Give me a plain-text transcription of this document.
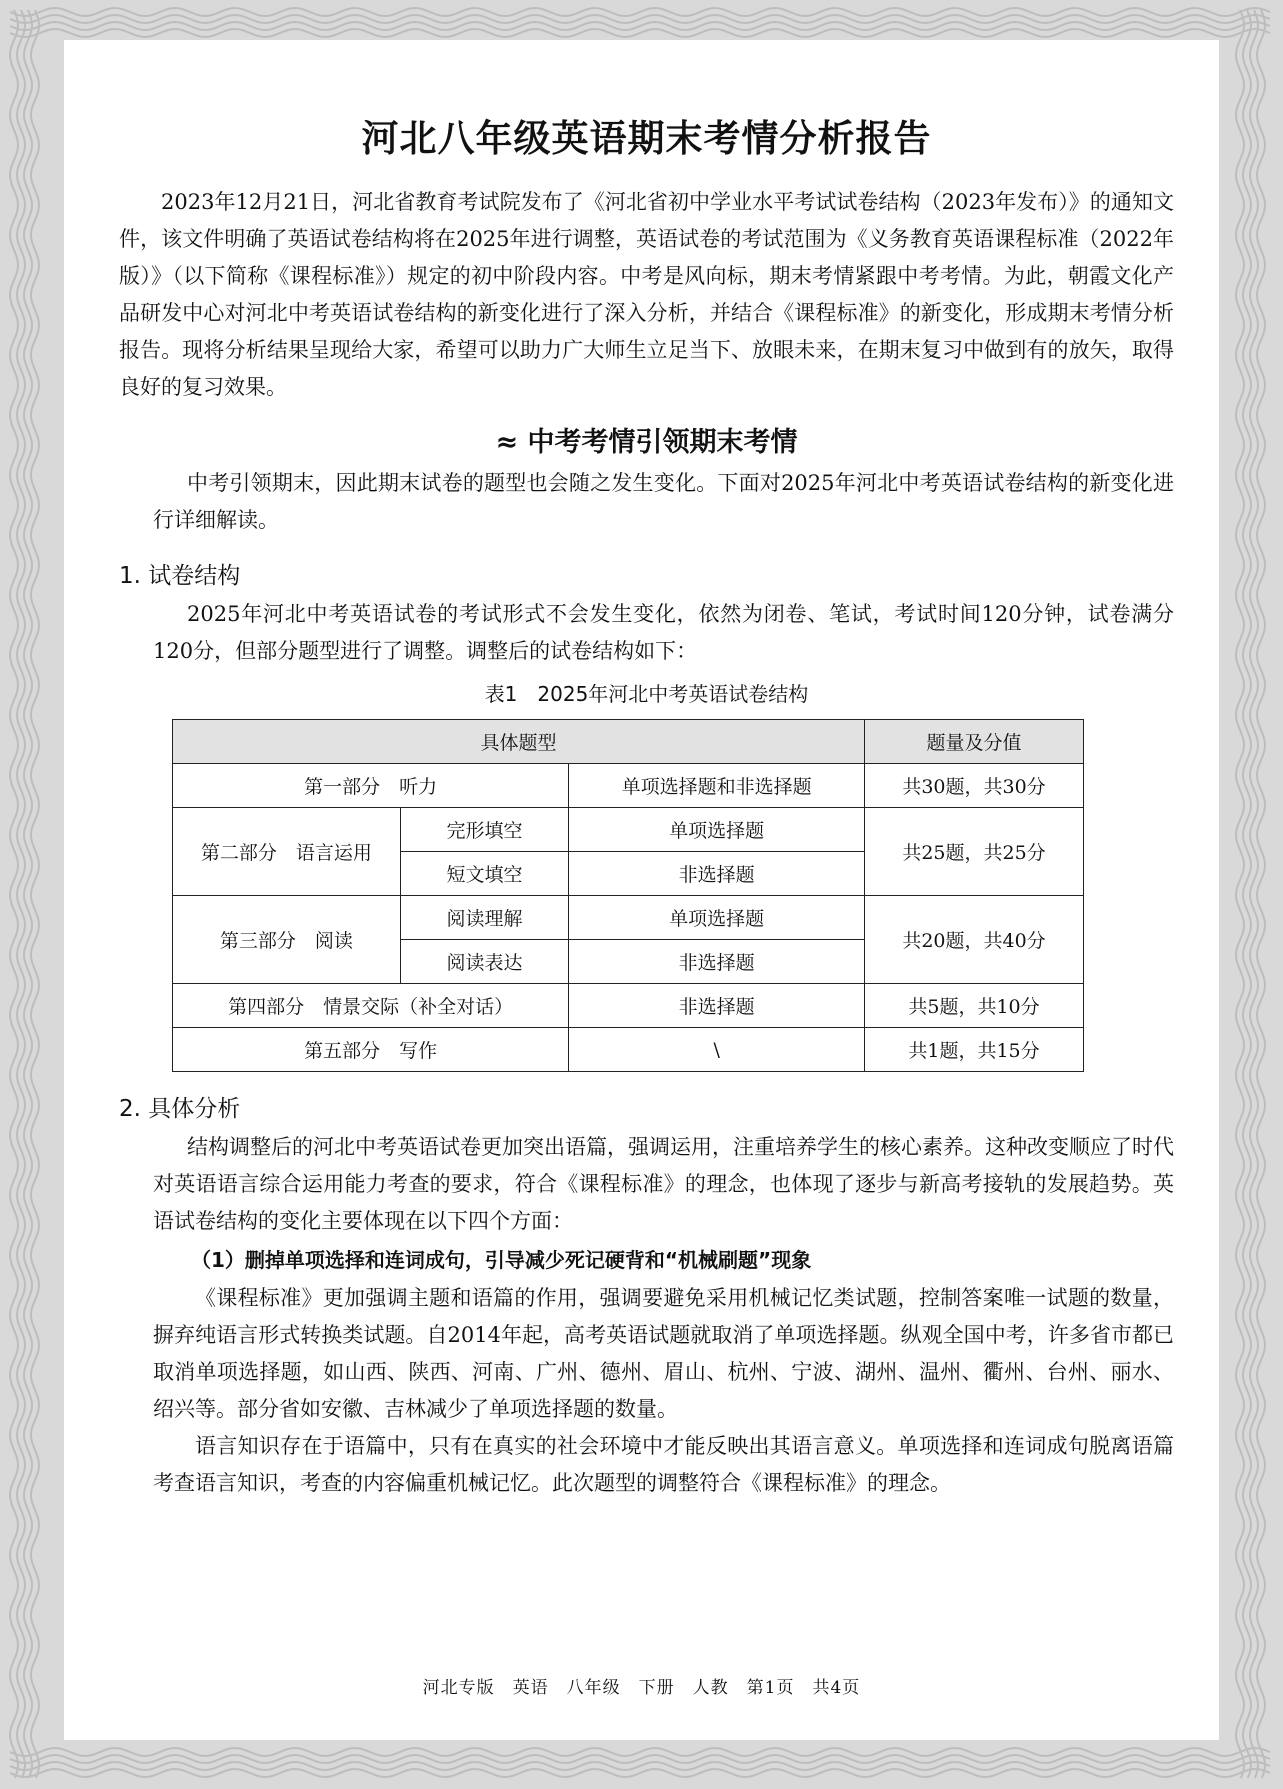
河北八年级英语期末考情分析报告

2023年12月21日，河北省教育考试院发布了《河北省初中学业水平考试试卷结构（2023年发布）》的通知文件，该文件明确了英语试卷结构将在2025年进行调整，英语试卷的考试范围为《义务教育英语课程标准（2022年版）》（以下简称《课程标准》）规定的初中阶段内容。中考是风向标，期末考情紧跟中考考情。为此，朝霞文化产品研发中心对河北中考英语试卷结构的新变化进行了深入分析，并结合《课程标准》的新变化，形成期末考情分析报告。现将分析结果呈现给大家，希望可以助力广大师生立足当下、放眼未来，在期末复习中做到有的放矢，取得良好的复习效果。

≈ 中考考情引领期末考情

中考引领期末，因此期末试卷的题型也会随之发生变化。下面对2025年河北中考英语试卷结构的新变化进行详细解读。

1. 试卷结构

2025年河北中考英语试卷的考试形式不会发生变化，依然为闭卷、笔试，考试时间120分钟，试卷满分120分，但部分题型进行了调整。调整后的试卷结构如下：

表1　2025年河北中考英语试卷结构
具体题型			题量及分值
第一部分　听力		单项选择题和非选择题	共30题，共30分
第二部分　语言运用	完形填空	单项选择题	共25题，共25分
	短文填空	非选择题	
第三部分　阅读	阅读理解	单项选择题	共20题，共40分
	阅读表达	非选择题	
第四部分　情景交际（补全对话）		非选择题	共5题，共10分
第五部分　写作		\	共1题，共15分
2. 具体分析

结构调整后的河北中考英语试卷更加突出语篇，强调运用，注重培养学生的核心素养。这种改变顺应了时代对英语语言综合运用能力考查的要求，符合《课程标准》的理念，也体现了逐步与新高考接轨的发展趋势。英语试卷结构的变化主要体现在以下四个方面：

（1）删掉单项选择和连词成句，引导减少死记硬背和“机械刷题”现象

《课程标准》更加强调主题和语篇的作用，强调要避免采用机械记忆类试题，控制答案唯一试题的数量，摒弃纯语言形式转换类试题。自2014年起，高考英语试题就取消了单项选择题。纵观全国中考，许多省市都已取消单项选择题，如山西、陕西、河南、广州、德州、眉山、杭州、宁波、湖州、温州、衢州、台州、丽水、绍兴等。部分省如安徽、吉林减少了单项选择题的数量。

语言知识存在于语篇中，只有在真实的社会环境中才能反映出其语言意义。单项选择和连词成句脱离语篇考查语言知识，考查的内容偏重机械记忆。此次题型的调整符合《课程标准》的理念。

河北专版　英语　八年级　下册　人教　第1页　共4页
